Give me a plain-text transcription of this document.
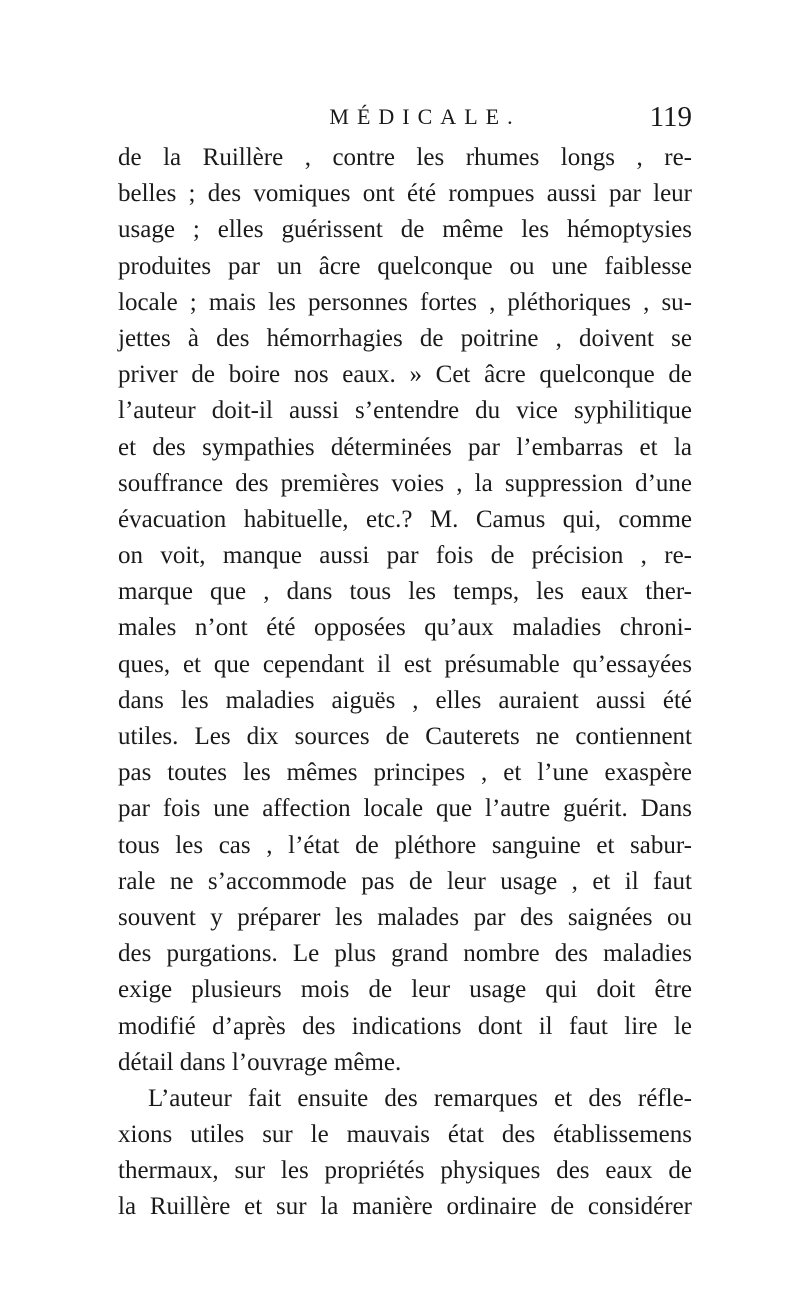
MÉDICALE.	119
de la Ruillère , contre les rhumes longs , re-
belles ; des vomiques ont été rompues aussi par leur
usage ; elles guérissent de même les hémoptysies
produites par un âcre quelconque ou une faiblesse
locale ; mais les personnes fortes , pléthoriques , su-
jettes à des hémorrhagies de poitrine , doivent se
priver de boire nos eaux. » Cet âcre quelconque de
l’auteur doit-il aussi s’entendre du vice syphilitique
et des sympathies déterminées par l’embarras et la
souffrance des premières voies , la suppression d’une
évacuation habituelle, etc.? M. Camus qui, comme
on voit, manque aussi par fois de précision , re-
marque que , dans tous les temps, les eaux ther-
males n’ont été opposées qu’aux maladies chroni-
ques, et que cependant il est présumable qu’essayées
dans les maladies aiguës , elles auraient aussi été
utiles. Les dix sources de Cauterets ne contiennent
pas toutes les mêmes principes , et l’une exaspère
par fois une affection locale que l’autre guérit. Dans
tous les cas , l’état de pléthore sanguine et sabur-
rale ne s’accommode pas de leur usage , et il faut
souvent y préparer les malades par des saignées ou
des purgations. Le plus grand nombre des maladies
exige plusieurs mois de leur usage qui doit être
modifié d’après des indications dont il faut lire le
détail dans l’ouvrage même.
L’auteur fait ensuite des remarques et des réfle-
xions utiles sur le mauvais état des établissemens
thermaux, sur les propriétés physiques des eaux de
la Ruillère et sur la manière ordinaire de considérer
